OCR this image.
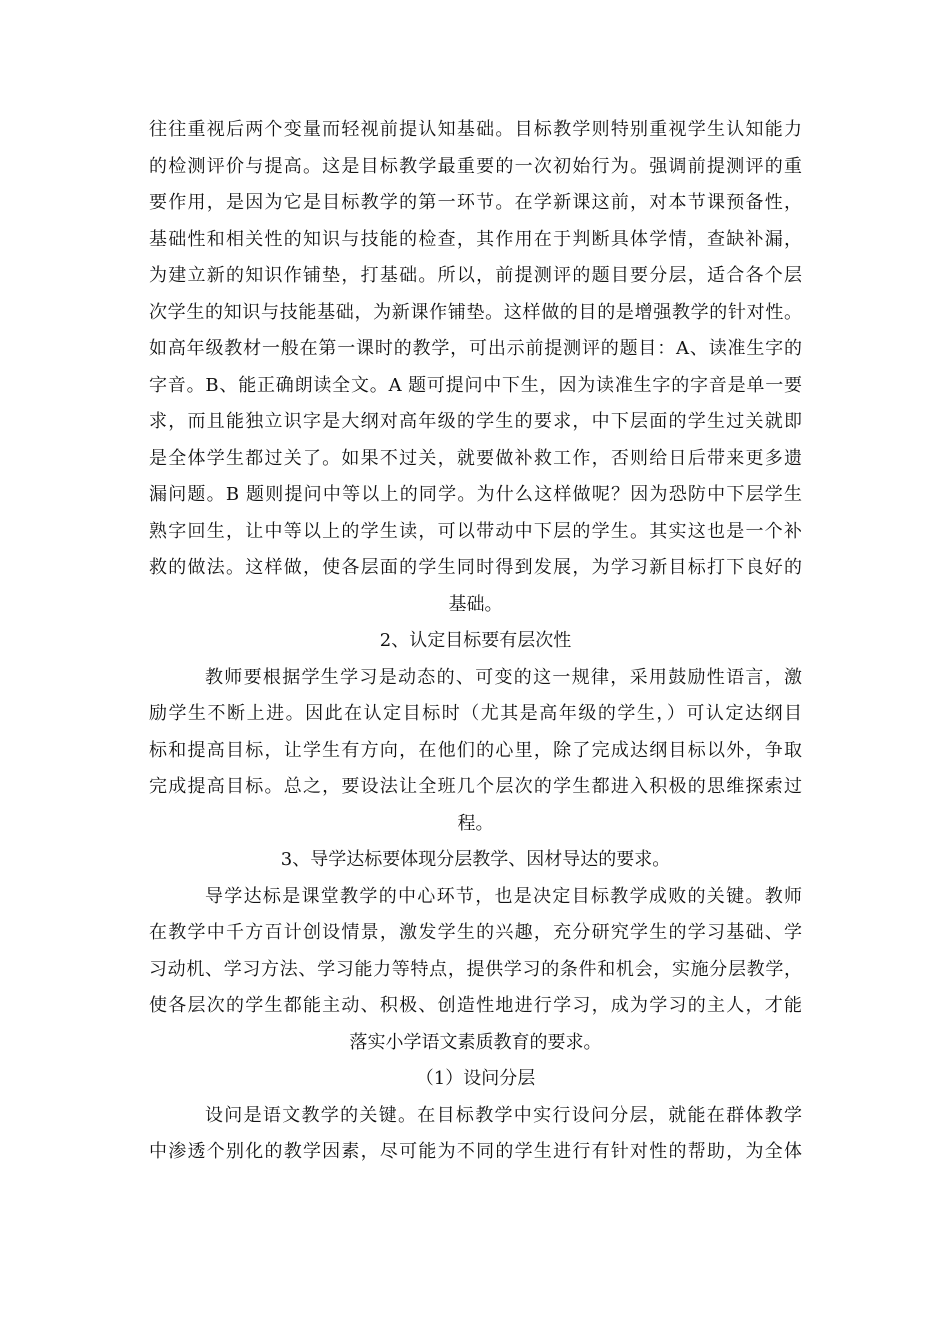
往往重视后两个变量而轻视前提认知基础。目标教学则特别重视学生认知能力
的检测评价与提高。这是目标教学最重要的一次初始行为。强调前提测评的重
要作用，是因为它是目标教学的第一环节。在学新课这前，对本节课预备性，
基础性和相关性的知识与技能的检查，其作用在于判断具体学情，查缺补漏，
为建立新的知识作铺垫，打基础。所以，前提测评的题目要分层，适合各个层
次学生的知识与技能基础，为新课作铺垫。这样做的目的是增强教学的针对性。
如高年级教材一般在第一课时的教学，可出示前提测评的题目：A、读准生字的
字音。B、能正确朗读全文。A 题可提问中下生，因为读准生字的字音是单一要
求，而且能独立识字是大纲对高年级的学生的要求，中下层面的学生过关就即
是全体学生都过关了。如果不过关，就要做补救工作，否则给日后带来更多遗
漏问题。B 题则提问中等以上的同学。为什么这样做呢？因为恐防中下层学生
熟字回生，让中等以上的学生读，可以带动中下层的学生。其实这也是一个补
救的做法。这样做，使各层面的学生同时得到发展，为学习新目标打下良好的
基础。
2、认定目标要有层次性
教师要根据学生学习是动态的、可变的这一规律，采用鼓励性语言，激
励学生不断上进。因此在认定目标时（尤其是高年级的学生，）可认定达纲目
标和提高目标，让学生有方向，在他们的心里，除了完成达纲目标以外，争取
完成提高目标。总之，要设法让全班几个层次的学生都进入积极的思维探索过
程。
3、导学达标要体现分层教学、因材导达的要求。
导学达标是课堂教学的中心环节，也是决定目标教学成败的关键。教师
在教学中千方百计创设情景，激发学生的兴趣，充分研究学生的学习基础、学
习动机、学习方法、学习能力等特点，提供学习的条件和机会，实施分层教学，
使各层次的学生都能主动、积极、创造性地进行学习，成为学习的主人，才能
落实小学语文素质教育的要求。
（1）设问分层
设问是语文教学的关键。在目标教学中实行设问分层，就能在群体教学
中渗透个别化的教学因素，尽可能为不同的学生进行有针对性的帮助，为全体
